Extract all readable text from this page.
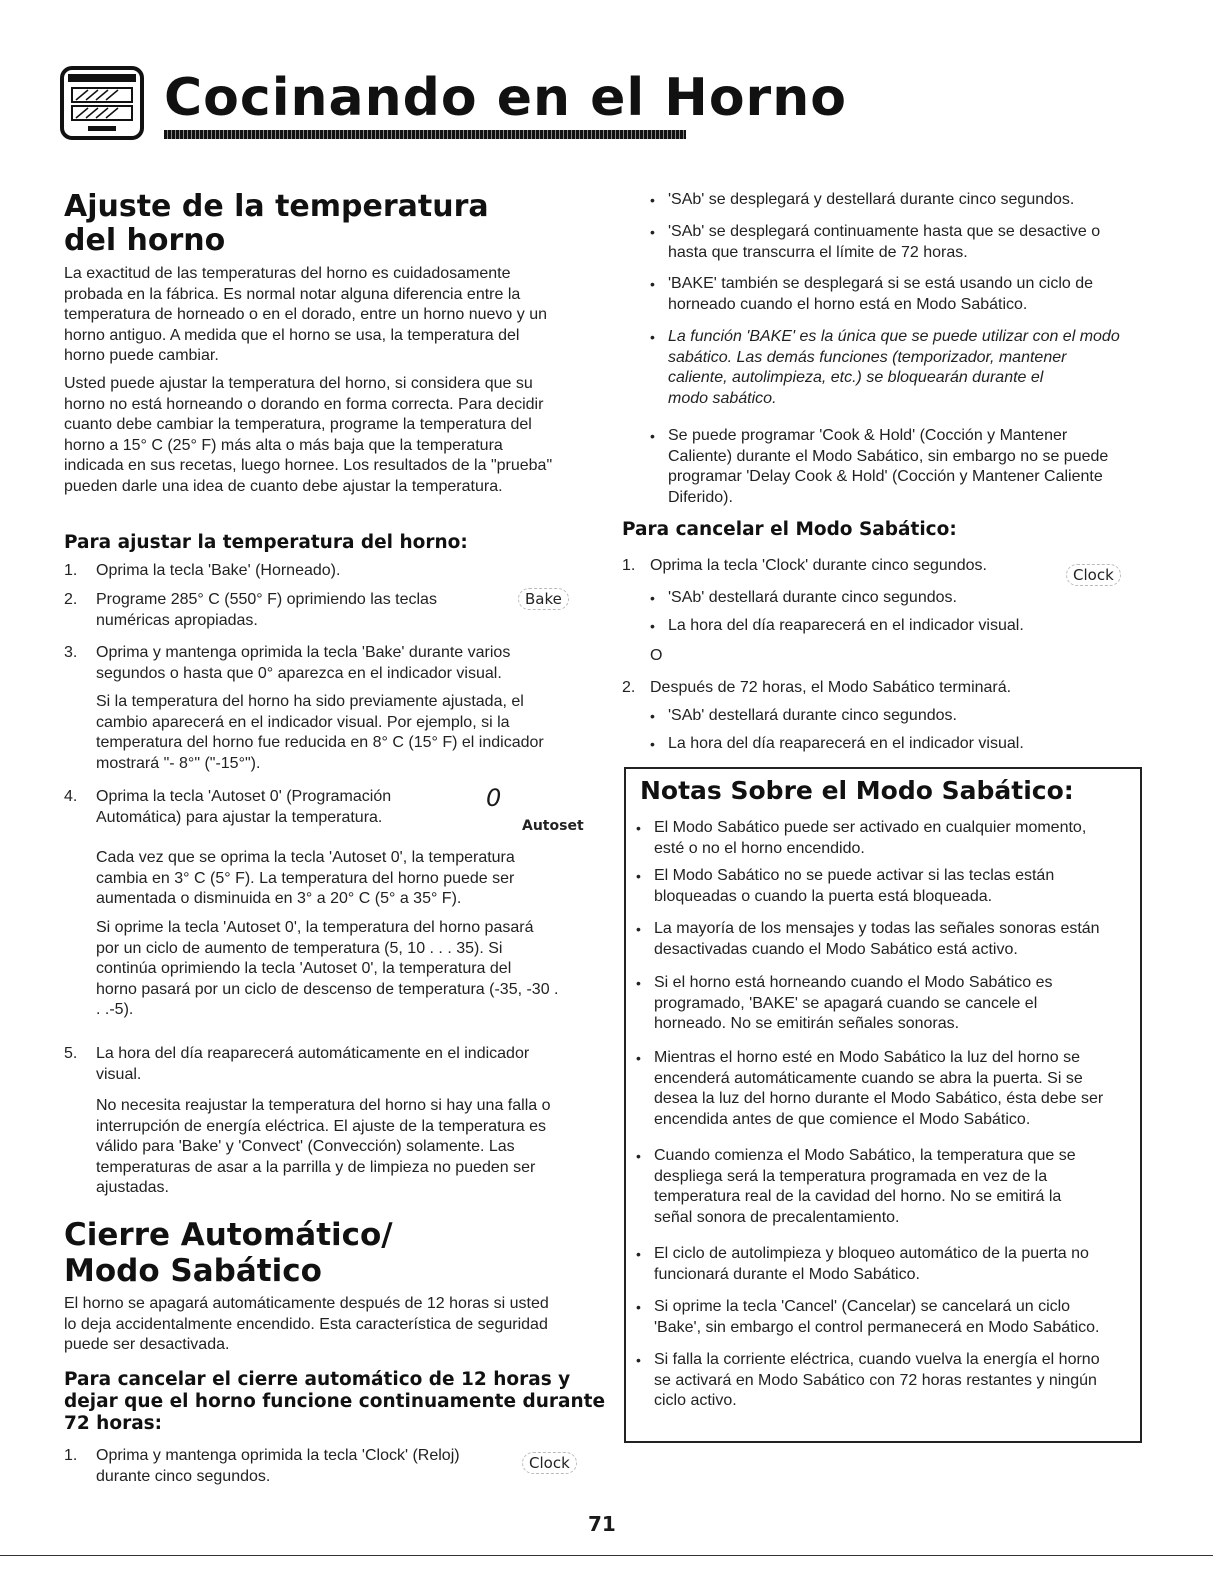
Cocinando en el Horno
Ajuste de la temperatura
del horno
La exactitud de las temperaturas del horno es cuidadosamente
probada en la fábrica. Es normal notar alguna diferencia entre la
temperatura de horneado o en el dorado, entre un horno nuevo y un
horno antiguo. A medida que el horno se usa, la temperatura del
horno puede cambiar.
Usted puede ajustar la temperatura del horno, si considera que su
horno no está horneando o dorando en forma correcta. Para decidir
cuanto debe cambiar la temperatura, programe la temperatura del
horno a 15° C (25° F) más alta o más baja que la temperatura
indicada en sus recetas, luego hornee. Los resultados de la "prueba"
pueden darle una idea de cuanto debe ajustar la temperatura.
Para ajustar la temperatura del horno:
1. Oprima la tecla 'Bake' (Horneado).
2. Programe 285° C (550° F) oprimiendo las teclas
numéricas apropiadas.
Bake
3. Oprima y mantenga oprimida la tecla 'Bake' durante varios
segundos o hasta que 0° aparezca en el indicador visual.
Si la temperatura del horno ha sido previamente ajustada, el
cambio aparecerá en el indicador visual. Por ejemplo, si la
temperatura del horno fue reducida en 8° C (15° F) el indicador
mostrará "- 8°" ("-15°").
4. Oprima la tecla 'Autoset 0' (Programación
Automática) para ajustar la temperatura.
0
Autoset
Cada vez que se oprima la tecla 'Autoset 0', la temperatura
cambia en 3° C (5° F). La temperatura del horno puede ser
aumentada o disminuida en 3° a 20° C (5° a 35° F).
Si oprime la tecla 'Autoset 0', la temperatura del horno pasará
por un ciclo de aumento de temperatura (5, 10 . . . 35). Si
continúa oprimiendo la tecla 'Autoset 0', la temperatura del
horno pasará por un ciclo de descenso de temperatura (-35, -30 .
. .-5).
5. La hora del día reaparecerá automáticamente en el indicador
visual.
No necesita reajustar la temperatura del horno si hay una falla o
interrupción de energía eléctrica. El ajuste de la temperatura es
válido para 'Bake' y 'Convect' (Convección) solamente. Las
temperaturas de asar a la parrilla y de limpieza no pueden ser
ajustadas.
Cierre Automático/
Modo Sabático
El horno se apagará automáticamente después de 12 horas si usted
lo deja accidentalmente encendido. Esta característica de seguridad
puede ser desactivada.
Para cancelar el cierre automático de 12 horas y
dejar que el horno funcione continuamente durante
72 horas:
1. Oprima y mantenga oprimida la tecla 'Clock' (Reloj)
durante cinco segundos.
Clock
• 'SAb' se desplegará y destellará durante cinco segundos.
• 'SAb' se desplegará continuamente hasta que se desactive o
hasta que transcurra el límite de 72 horas.
• 'BAKE' también se desplegará si se está usando un ciclo de
horneado cuando el horno está en Modo Sabático.
• La función 'BAKE' es la única que se puede utilizar con el modo
sabático. Las demás funciones (temporizador, mantener
caliente, autolimpieza, etc.) se bloquearán durante el
modo sabático.
• Se puede programar 'Cook & Hold' (Cocción y Mantener
Caliente) durante el Modo Sabático, sin embargo no se puede
programar 'Delay Cook & Hold' (Cocción y Mantener Caliente
Diferido).
Para cancelar el Modo Sabático:
1. Oprima la tecla 'Clock' durante cinco segundos.
Clock
• 'SAb' destellará durante cinco segundos.
• La hora del día reaparecerá en el indicador visual.
O
2. Después de 72 horas, el Modo Sabático terminará.
• 'SAb' destellará durante cinco segundos.
• La hora del día reaparecerá en el indicador visual.
Notas Sobre el Modo Sabático:
• El Modo Sabático puede ser activado en cualquier momento,
esté o no el horno encendido.
• El Modo Sabático no se puede activar si las teclas están
bloqueadas o cuando la puerta está bloqueada.
• La mayoría de los mensajes y todas las señales sonoras están
desactivadas cuando el Modo Sabático está activo.
• Si el horno está horneando cuando el Modo Sabático es
programado, 'BAKE' se apagará cuando se cancele el
horneado. No se emitirán señales sonoras.
• Mientras el horno esté en Modo Sabático la luz del horno se
encenderá automáticamente cuando se abra la puerta. Si se
desea la luz del horno durante el Modo Sabático, ésta debe ser
encendida antes de que comience el Modo Sabático.
• Cuando comienza el Modo Sabático, la temperatura que se
despliega será la temperatura programada en vez de la
temperatura real de la cavidad del horno. No se emitirá la
señal sonora de precalentamiento.
• El ciclo de autolimpieza y bloqueo automático de la puerta no
funcionará durante el Modo Sabático.
• Si oprime la tecla 'Cancel' (Cancelar) se cancelará un ciclo
'Bake', sin embargo el control permanecerá en Modo Sabático.
• Si falla la corriente eléctrica, cuando vuelva la energía el horno
se activará en Modo Sabático con 72 horas restantes y ningún
ciclo activo.
71
